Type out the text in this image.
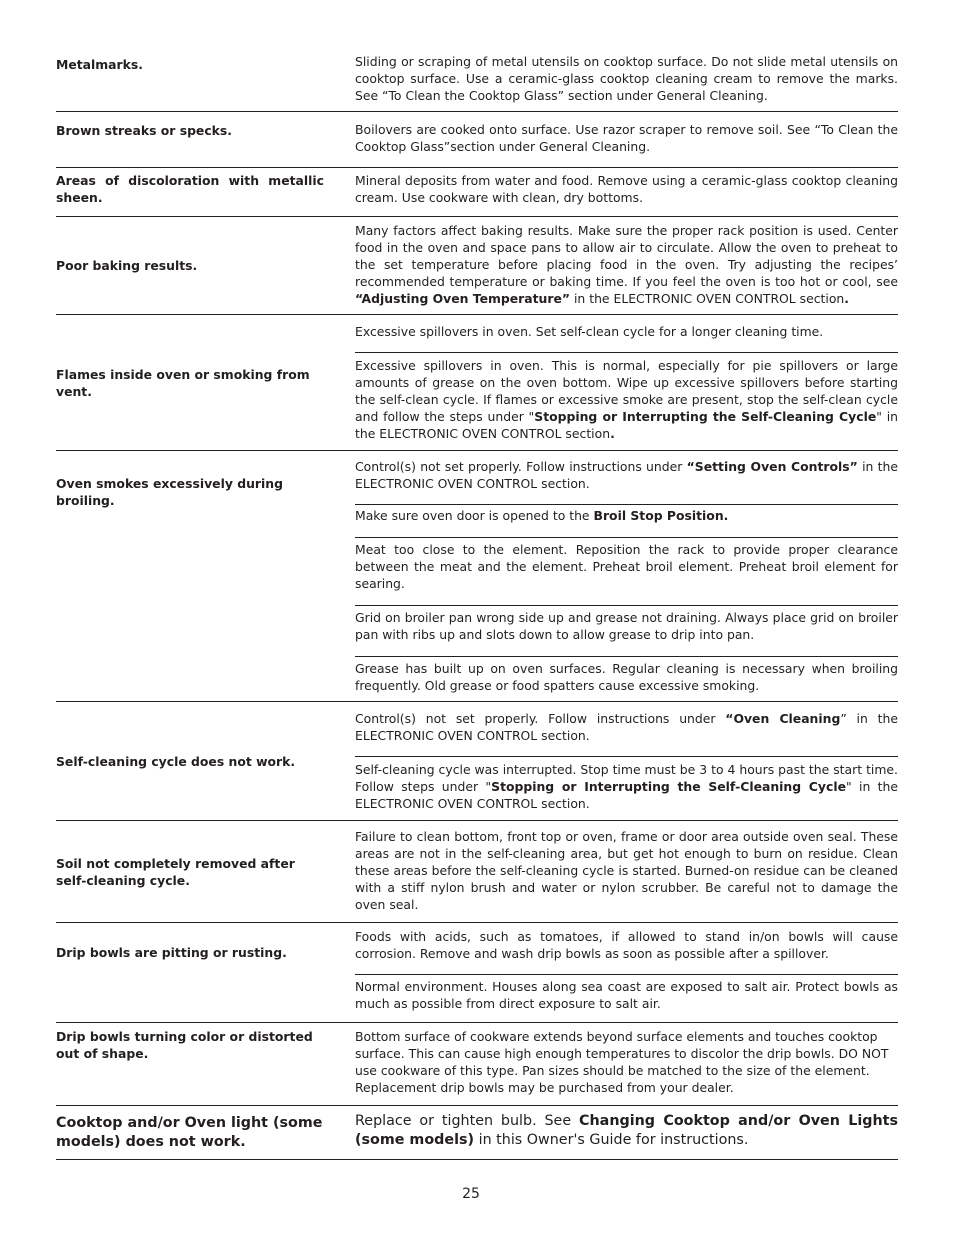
Metalmarks.	Sliding or scraping of metal utensils on cooktop surface. Do not slide metal utensils on cooktop surface. Use a ceramic-glass cooktop cleaning cream to remove the marks. See “To Clean the Cooktop Glass” section under General Cleaning.
Brown streaks or specks.	Boilovers are cooked onto surface. Use razor scraper to remove soil. See “To Clean the Cooktop Glass”section under General Cleaning.
Areas of discoloration with metallic sheen.
Mineral deposits from water and food. Remove using a ceramic-glass cooktop cleaning cream. Use cookware with clean, dry bottoms.
Poor baking results.
Many factors affect baking results. Make sure the proper rack position is used. Center food in the oven and space pans to allow air to circulate. Allow the oven to preheat to the set temperature before placing food in the oven. Try adjusting the recipes’ recommended temperature or baking time. If you feel the oven is too hot or cool, see “Adjusting Oven Temperature” in the ELECTRONIC OVEN CONTROL section.
Flames inside oven or smoking from vent.
Excessive spillovers in oven. Set self-clean cycle for a longer cleaning time.
Excessive spillovers in oven. This is normal, especially for pie spillovers or large amounts of grease on the oven bottom. Wipe up excessive spillovers before starting the self-clean cycle. If flames or excessive smoke are present, stop the self-clean cycle and follow the steps under "Stopping or Interrupting the Self-Cleaning Cycle" in the ELECTRONIC OVEN CONTROL section.
Oven smokes excessively during broiling.
Control(s) not set properly. Follow instructions under “Setting Oven Controls” in the ELECTRONIC OVEN CONTROL section.
Make sure oven door is opened to the Broil Stop Position.
Meat too close to the element. Reposition the rack to provide proper clearance between the meat and the element. Preheat broil element. Preheat broil element for searing.
Grid on broiler pan wrong side up and grease not draining. Always place grid on broiler pan with ribs up and slots down to allow grease to drip into pan.
Grease has built up on oven surfaces. Regular cleaning is necessary when broiling frequently. Old grease or food spatters cause excessive smoking.
Self-cleaning cycle does not work.
Control(s) not set properly. Follow instructions under “Oven Cleaning” in the ELECTRONIC OVEN CONTROL section.
Self-cleaning cycle was interrupted. Stop time must be 3 to 4 hours past the start time. Follow steps under "Stopping or Interrupting the Self-Cleaning Cycle" in the ELECTRONIC OVEN CONTROL section.
Soil not completely removed after self-cleaning cycle.
Failure to clean bottom, front top or oven, frame or door area outside oven seal. These areas are not in the self-cleaning area, but get hot enough to burn on residue. Clean these areas before the self-cleaning cycle is started. Burned-on residue can be cleaned with a stiff nylon brush and water or nylon scrubber. Be careful not to damage the oven seal.
Drip bowls are pitting or rusting.
Foods with acids, such as tomatoes, if allowed to stand in/on bowls will cause corrosion. Remove and wash drip bowls as soon as possible after a spillover.
Normal environment. Houses along sea coast are exposed to salt air. Protect bowls as much as possible from direct exposure to salt air.
Drip bowls turning color or distorted out of shape.
Bottom surface of cookware extends beyond surface elements and touches cooktop surface. This can cause high enough temperatures to discolor the drip bowls. DO NOT use cookware of this type. Pan sizes should be matched to the size of the element. Replacement drip bowls may be purchased from your dealer.
Cooktop and/or Oven light (some models) does not work.
Replace or tighten bulb. See Changing Cooktop and/or Oven Lights (some models) in this Owner's Guide for instructions.
25
